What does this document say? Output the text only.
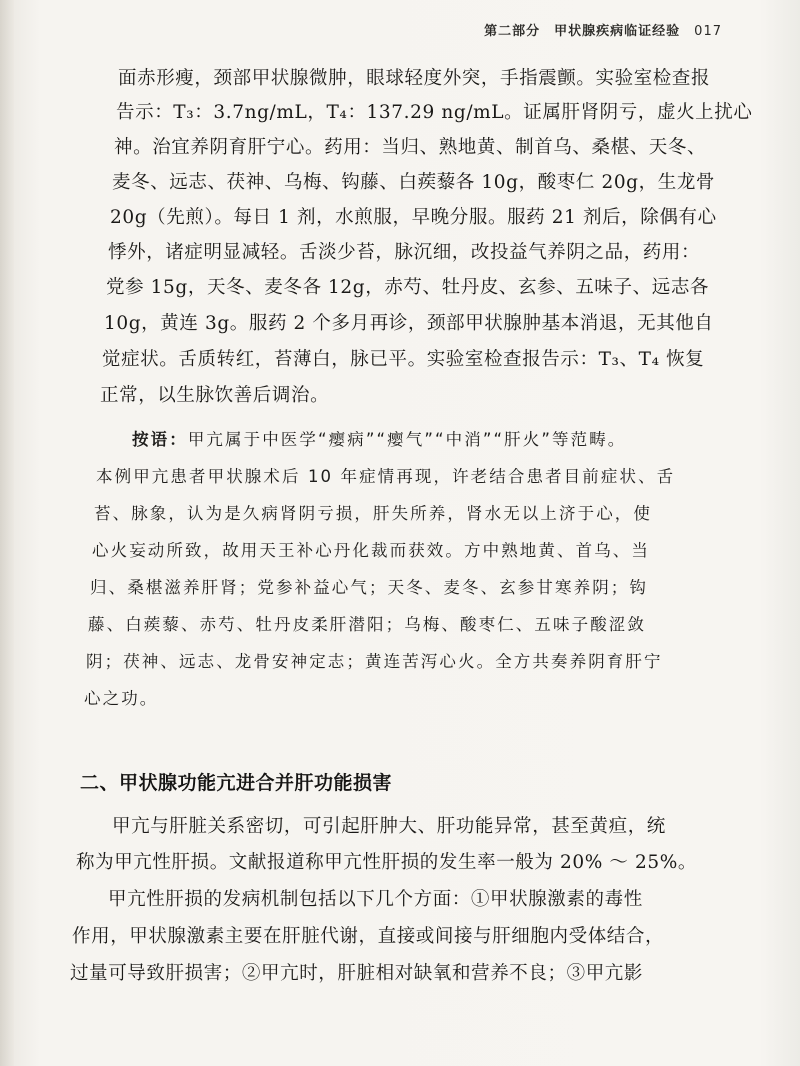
第二部分　甲状腺疾病临证经验 017
面赤形瘦，颈部甲状腺微肿，眼球轻度外突，手指震颤。实验室检查报
告示：T₃：3.7ng/mL，T₄：137.29 ng/mL。证属肝肾阴亏，虚火上扰心
神。治宜养阴育肝宁心。药用：当归、熟地黄、制首乌、桑椹、天冬、
麦冬、远志、茯神、乌梅、钩藤、白蒺藜各 10g，酸枣仁 20g，生龙骨
20g（先煎）。每日 1 剂，水煎服，早晚分服。服药 21 剂后，除偶有心
悸外，诸症明显减轻。舌淡少苔，脉沉细，改投益气养阴之品，药用：
党参 15g，天冬、麦冬各 12g，赤芍、牡丹皮、玄参、五味子、远志各
10g，黄连 3g。服药 2 个多月再诊，颈部甲状腺肿基本消退，无其他自
觉症状。舌质转红，苔薄白，脉已平。实验室检查报告示：T₃、T₄ 恢复
正常，以生脉饮善后调治。
按语：甲亢属于中医学“瘿病”“瘿气”“中消”“肝火”等范畴。
本例甲亢患者甲状腺术后 10 年症情再现，许老结合患者目前症状、舌
苔、脉象，认为是久病肾阴亏损，肝失所养，肾水无以上济于心，使
心火妄动所致，故用天王补心丹化裁而获效。方中熟地黄、首乌、当
归、桑椹滋养肝肾；党参补益心气；天冬、麦冬、玄参甘寒养阴；钩
藤、白蒺藜、赤芍、牡丹皮柔肝潜阳；乌梅、酸枣仁、五味子酸涩敛
阴；茯神、远志、龙骨安神定志；黄连苦泻心火。全方共奏养阴育肝宁
心之功。
二、甲状腺功能亢进合并肝功能损害
甲亢与肝脏关系密切，可引起肝肿大、肝功能异常，甚至黄疸，统
称为甲亢性肝损。文献报道称甲亢性肝损的发生率一般为 20% ～ 25%。
甲亢性肝损的发病机制包括以下几个方面：①甲状腺激素的毒性
作用，甲状腺激素主要在肝脏代谢，直接或间接与肝细胞内受体结合，
过量可导致肝损害；②甲亢时，肝脏相对缺氧和营养不良；③甲亢影
